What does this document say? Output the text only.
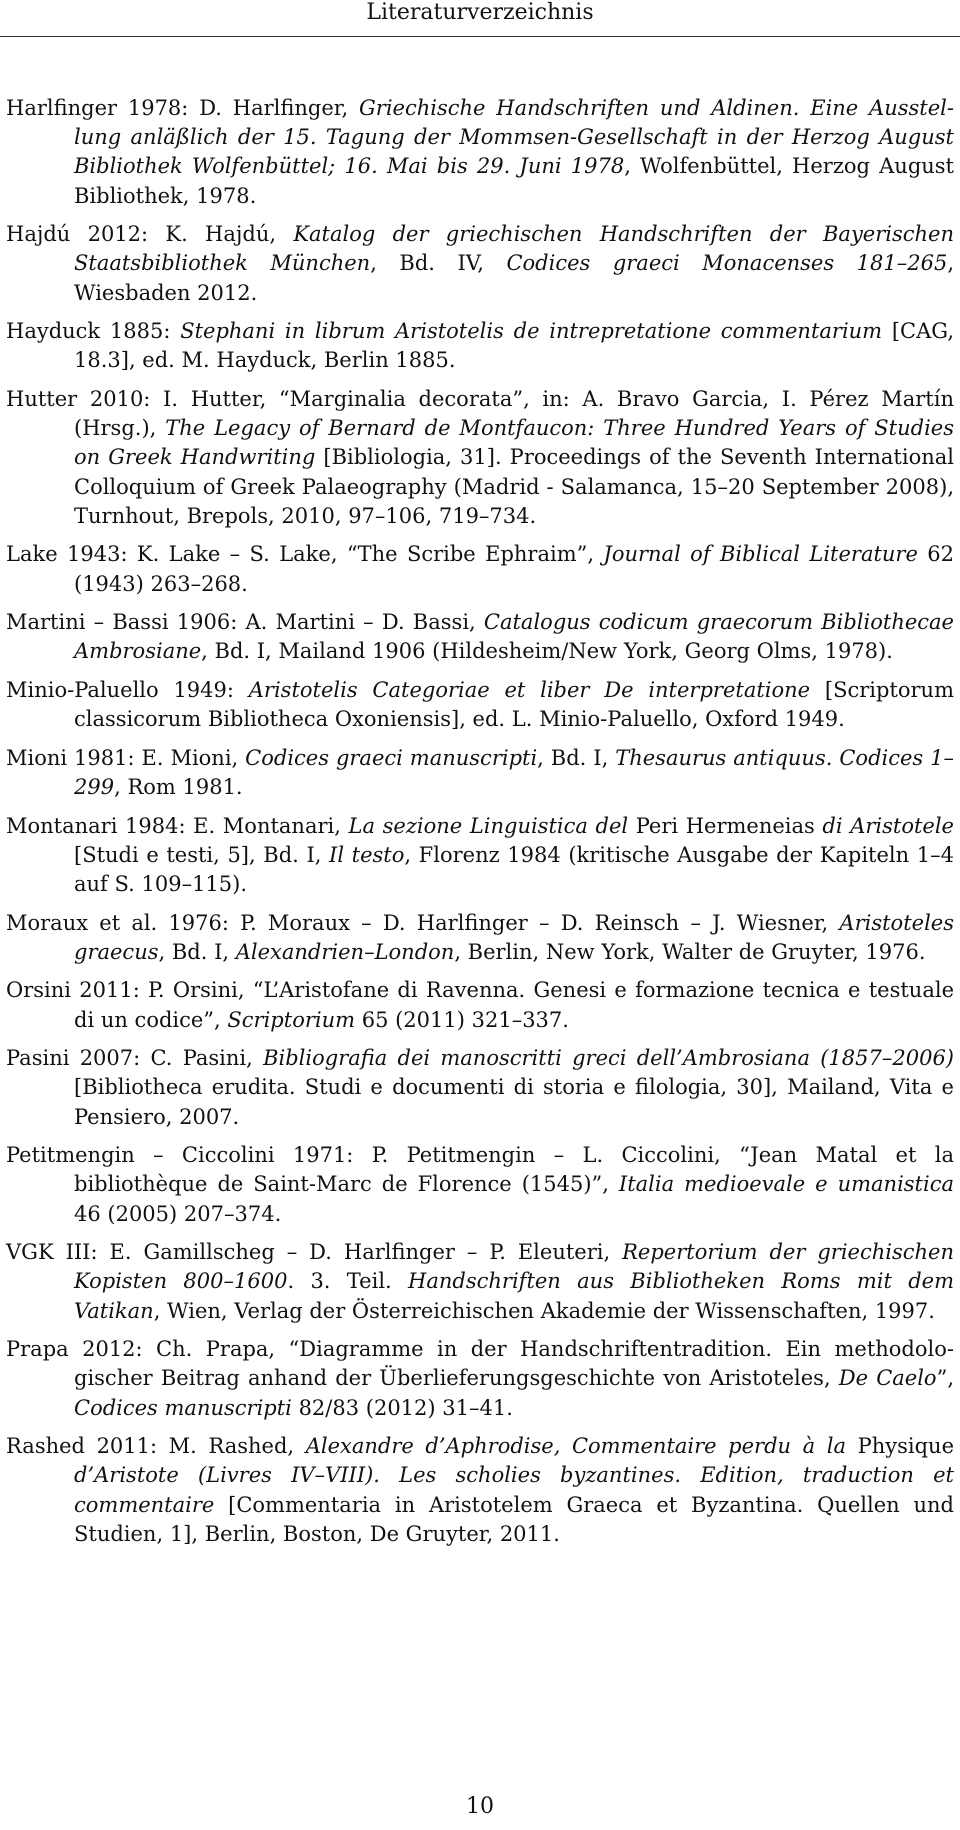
Literaturverzeichnis

Harlfinger 1978: D. Harlfinger, Griechische Handschriften und Aldinen. Eine Ausstellung anläßlich der 15. Tagung der Mommsen-Gesellschaft in der Herzog August Bibliothek Wolfenbüttel; 16. Mai bis 29. Juni 1978, Wolfenbüttel, Herzog August Bibliothek, 1978.

Hajdú 2012: K. Hajdú, Katalog der griechischen Handschriften der Bayerischen Staatsbibliothek München, Bd. IV, Codices graeci Monacenses 181–265, Wiesbaden 2012.

Hayduck 1885: Stephani in librum Aristotelis de intrepretatione commentarium [CAG, 18.3], ed. M. Hayduck, Berlin 1885.

Hutter 2010: I. Hutter, “Marginalia decorata”, in: A. Bravo Garcia, I. Pérez Martín (Hrsg.), The Legacy of Bernard de Montfaucon: Three Hundred Years of Studies on Greek Handwriting [Bibliologia, 31]. Proceedings of the Seventh International Colloquium of Greek Palaeography (Madrid - Salamanca, 15–20 September 2008), Turnhout, Brepols, 2010, 97–106, 719–734.

Lake 1943: K. Lake – S. Lake, “The Scribe Ephraim”, Journal of Biblical Literature 62 (1943) 263–268.

Martini – Bassi 1906: A. Martini – D. Bassi, Catalogus codicum graecorum Bibliothecae Ambrosiane, Bd. I, Mailand 1906 (Hildesheim/New York, Georg Olms, 1978).

Minio-Paluello 1949: Aristotelis Categoriae et liber De interpretatione [Scriptorum classicorum Bibliotheca Oxoniensis], ed. L. Minio-Paluello, Oxford 1949.

Mioni 1981: E. Mioni, Codices graeci manuscripti, Bd. I, Thesaurus antiquus. Codices 1–299, Rom 1981.

Montanari 1984: E. Montanari, La sezione Linguistica del Peri Hermeneias di Aristotele [Studi e testi, 5], Bd. I, Il testo, Florenz 1984 (kritische Ausgabe der Kapiteln 1–4 auf S. 109–115).

Moraux et al. 1976: P. Moraux – D. Harlfinger – D. Reinsch – J. Wiesner, Aristoteles graecus, Bd. I, Alexandrien–London, Berlin, New York, Walter de Gruyter, 1976.

Orsini 2011: P. Orsini, “L’Aristofane di Ravenna. Genesi e formazione tecnica e testuale di un codice”, Scriptorium 65 (2011) 321–337.

Pasini 2007: C. Pasini, Bibliografia dei manoscritti greci dell’Ambrosiana (1857–2006) [Bibliotheca erudita. Studi e documenti di storia e filologia, 30], Mailand, Vita e Pensiero, 2007.

Petitmengin – Ciccolini 1971: P. Petitmengin – L. Ciccolini, “Jean Matal et la bibliothèque de Saint-Marc de Florence (1545)”, Italia medioevale e umanistica 46 (2005) 207–374.

VGK III: E. Gamillscheg – D. Harlfinger – P. Eleuteri, Repertorium der griechischen Kopisten 800–1600. 3. Teil. Handschriften aus Bibliotheken Roms mit dem Vatikan, Wien, Verlag der Österreichischen Akademie der Wissenschaften, 1997.

Prapa 2012: Ch. Prapa, “Diagramme in der Handschriftentradition. Ein methodologischer Beitrag anhand der Überlieferungsgeschichte von Aristoteles, De Caelo”, Codices manuscripti 82/83 (2012) 31–41.

Rashed 2011: M. Rashed, Alexandre d’Aphrodise, Commentaire perdu à la Physique d’Aristote (Livres IV–VIII). Les scholies byzantines. Edition, traduction et commentaire [Commentaria in Aristotelem Graeca et Byzantina. Quellen und Studien, 1], Berlin, Boston, De Gruyter, 2011.

10
